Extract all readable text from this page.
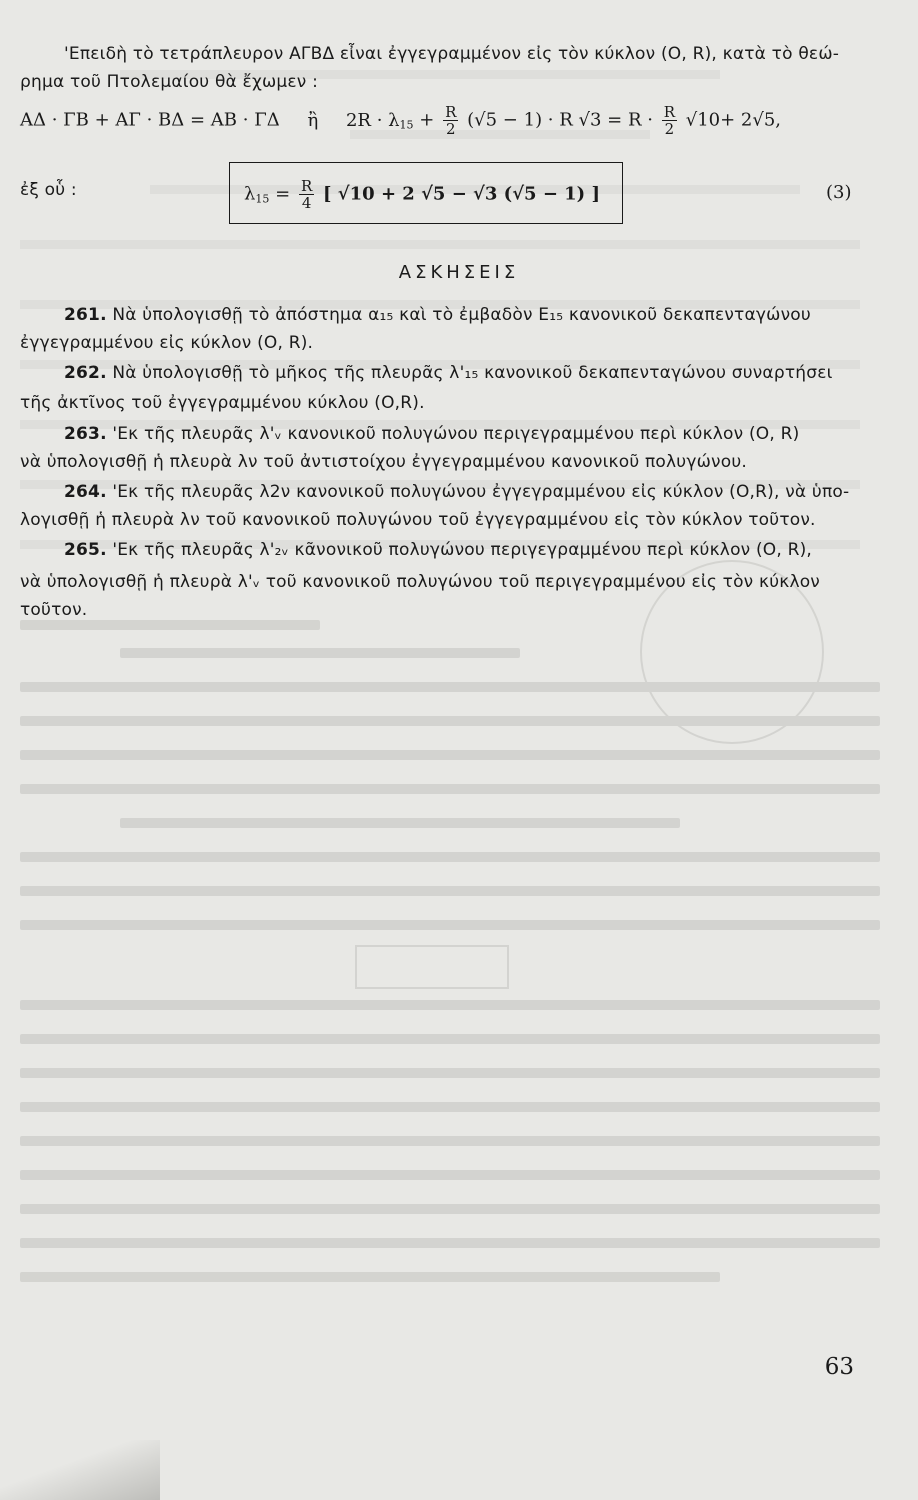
'Επειδὴ τὸ τετράπλευρον ΑΓΒΔ εἶναι ἐγγεγραμμένον εἰς τὸν κύκλον (Ο, R), κατὰ τὸ θεώ-
ρημα τοῦ Πτολεμαίου θὰ ἔχωμεν :
ΑΔ · ΓΒ + ΑΓ · ΒΔ = ΑΒ · ΓΔ ἢ $2R \cdot \lambda_{15} + \frac{R}{2} (√5 - 1) \cdot R$ $√3 = R \cdot \frac{R}{2} √10+ 2√5$,
ἐξ οὗ :	$\lambda_{15} = \frac{R}{4}$ [ √10 + 2 √5 − √3 (√5 − 1) ]	(3)
ΑΣΚΗΣΕΙΣ
261. Νὰ ὑπολογισθῇ τὸ ἀπόστημα α₁₅ καὶ τὸ ἐμβαδὸν Ε₁₅ κανονικοῦ δεκαπενταγώνου
ἐγγεγραμμένου εἰς κύκλον (Ο, R).
262. Νὰ ὑπολογισθῇ τὸ μῆκος τῆς πλευρᾶς λ'₁₅ κανονικοῦ δεκαπενταγώνου συναρτήσει
τῆς ἀκτῖνος τοῦ ἐγγεγραμμένου κύκλου (Ο,R).
263. 'Εκ τῆς πλευρᾶς λ'ᵥ κανονικοῦ πολυγώνου περιγεγραμμένου περὶ κύκλον (Ο, R)
νὰ ὑπολογισθῇ ἡ πλευρὰ λν τοῦ ἀντιστοίχου ἐγγεγραμμένου κανονικοῦ πολυγώνου.
264. 'Εκ τῆς πλευρᾶς λ2ν κανονικοῦ πολυγώνου ἐγγεγραμμένου εἰς κύκλον (Ο,R), νὰ ὑπο-
λογισθῇ ἡ πλευρὰ λν τοῦ κανονικοῦ πολυγώνου τοῦ ἐγγεγραμμένου εἰς τὸν κύκλον τοῦτον.
265. 'Εκ τῆς πλευρᾶς λ'₂ᵥ κᾶνονικοῦ πολυγώνου περιγεγραμμένου περὶ κύκλον (Ο, R),
νὰ ὑπολογισθῇ ἡ πλευρὰ λ'ᵥ τοῦ κανονικοῦ πολυγώνου τοῦ περιγεγραμμένου εἰς τὸν κύκλον
τοῦτον.
63
